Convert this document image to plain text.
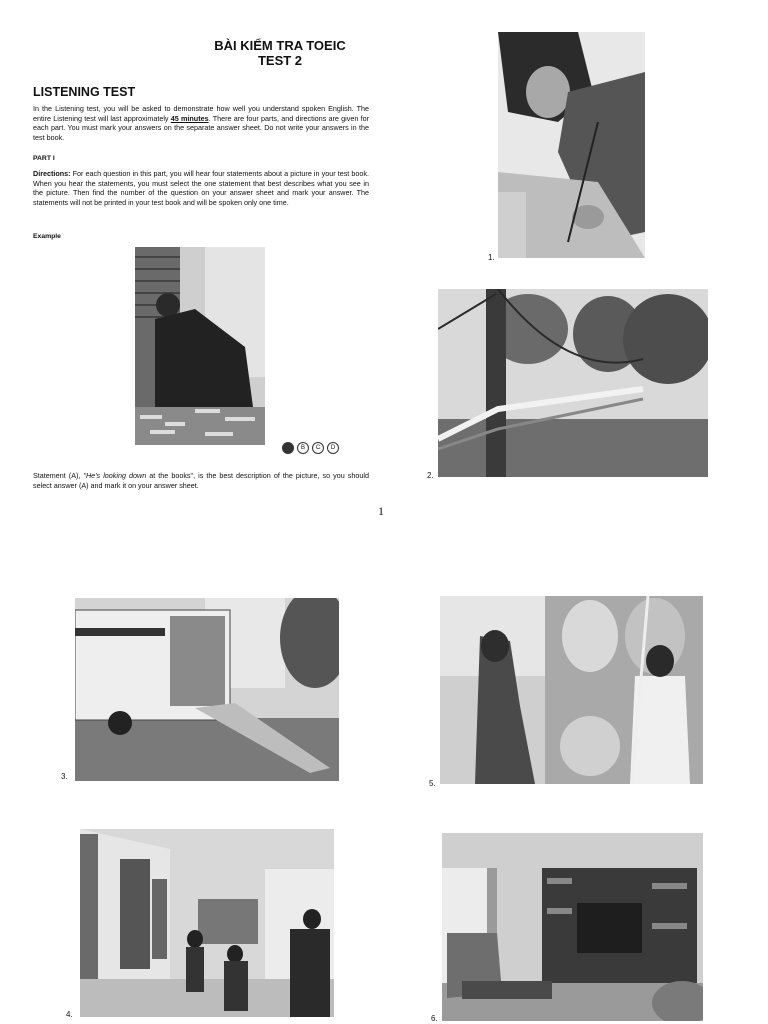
BÀI KIỂM TRA TOEIC
TEST 2
LISTENING TEST
In the Listening test, you will be asked to demonstrate how well you understand spoken English. The entire Listening test will last approximately 45 minutes. There are four parts, and directions are given for each part. You must mark your answers on the separate answer sheet. Do not write your answers in the test book.
PART I
Directions: For each question in this part, you will hear four statements about a picture in your test book. When you hear the statements, you must select the one statement that best describes what you see in the picture. Then find the number of the question on your answer sheet and mark your answer. The statements will not be printed in your test book and will be spoken only one time.
Example
B	C	D
Statement (A), "He's looking down at the books", is the best description of the picture, so you should select answer (A) and mark it on your answer sheet.
1
1.
2.
3.
5.
4.	6.
